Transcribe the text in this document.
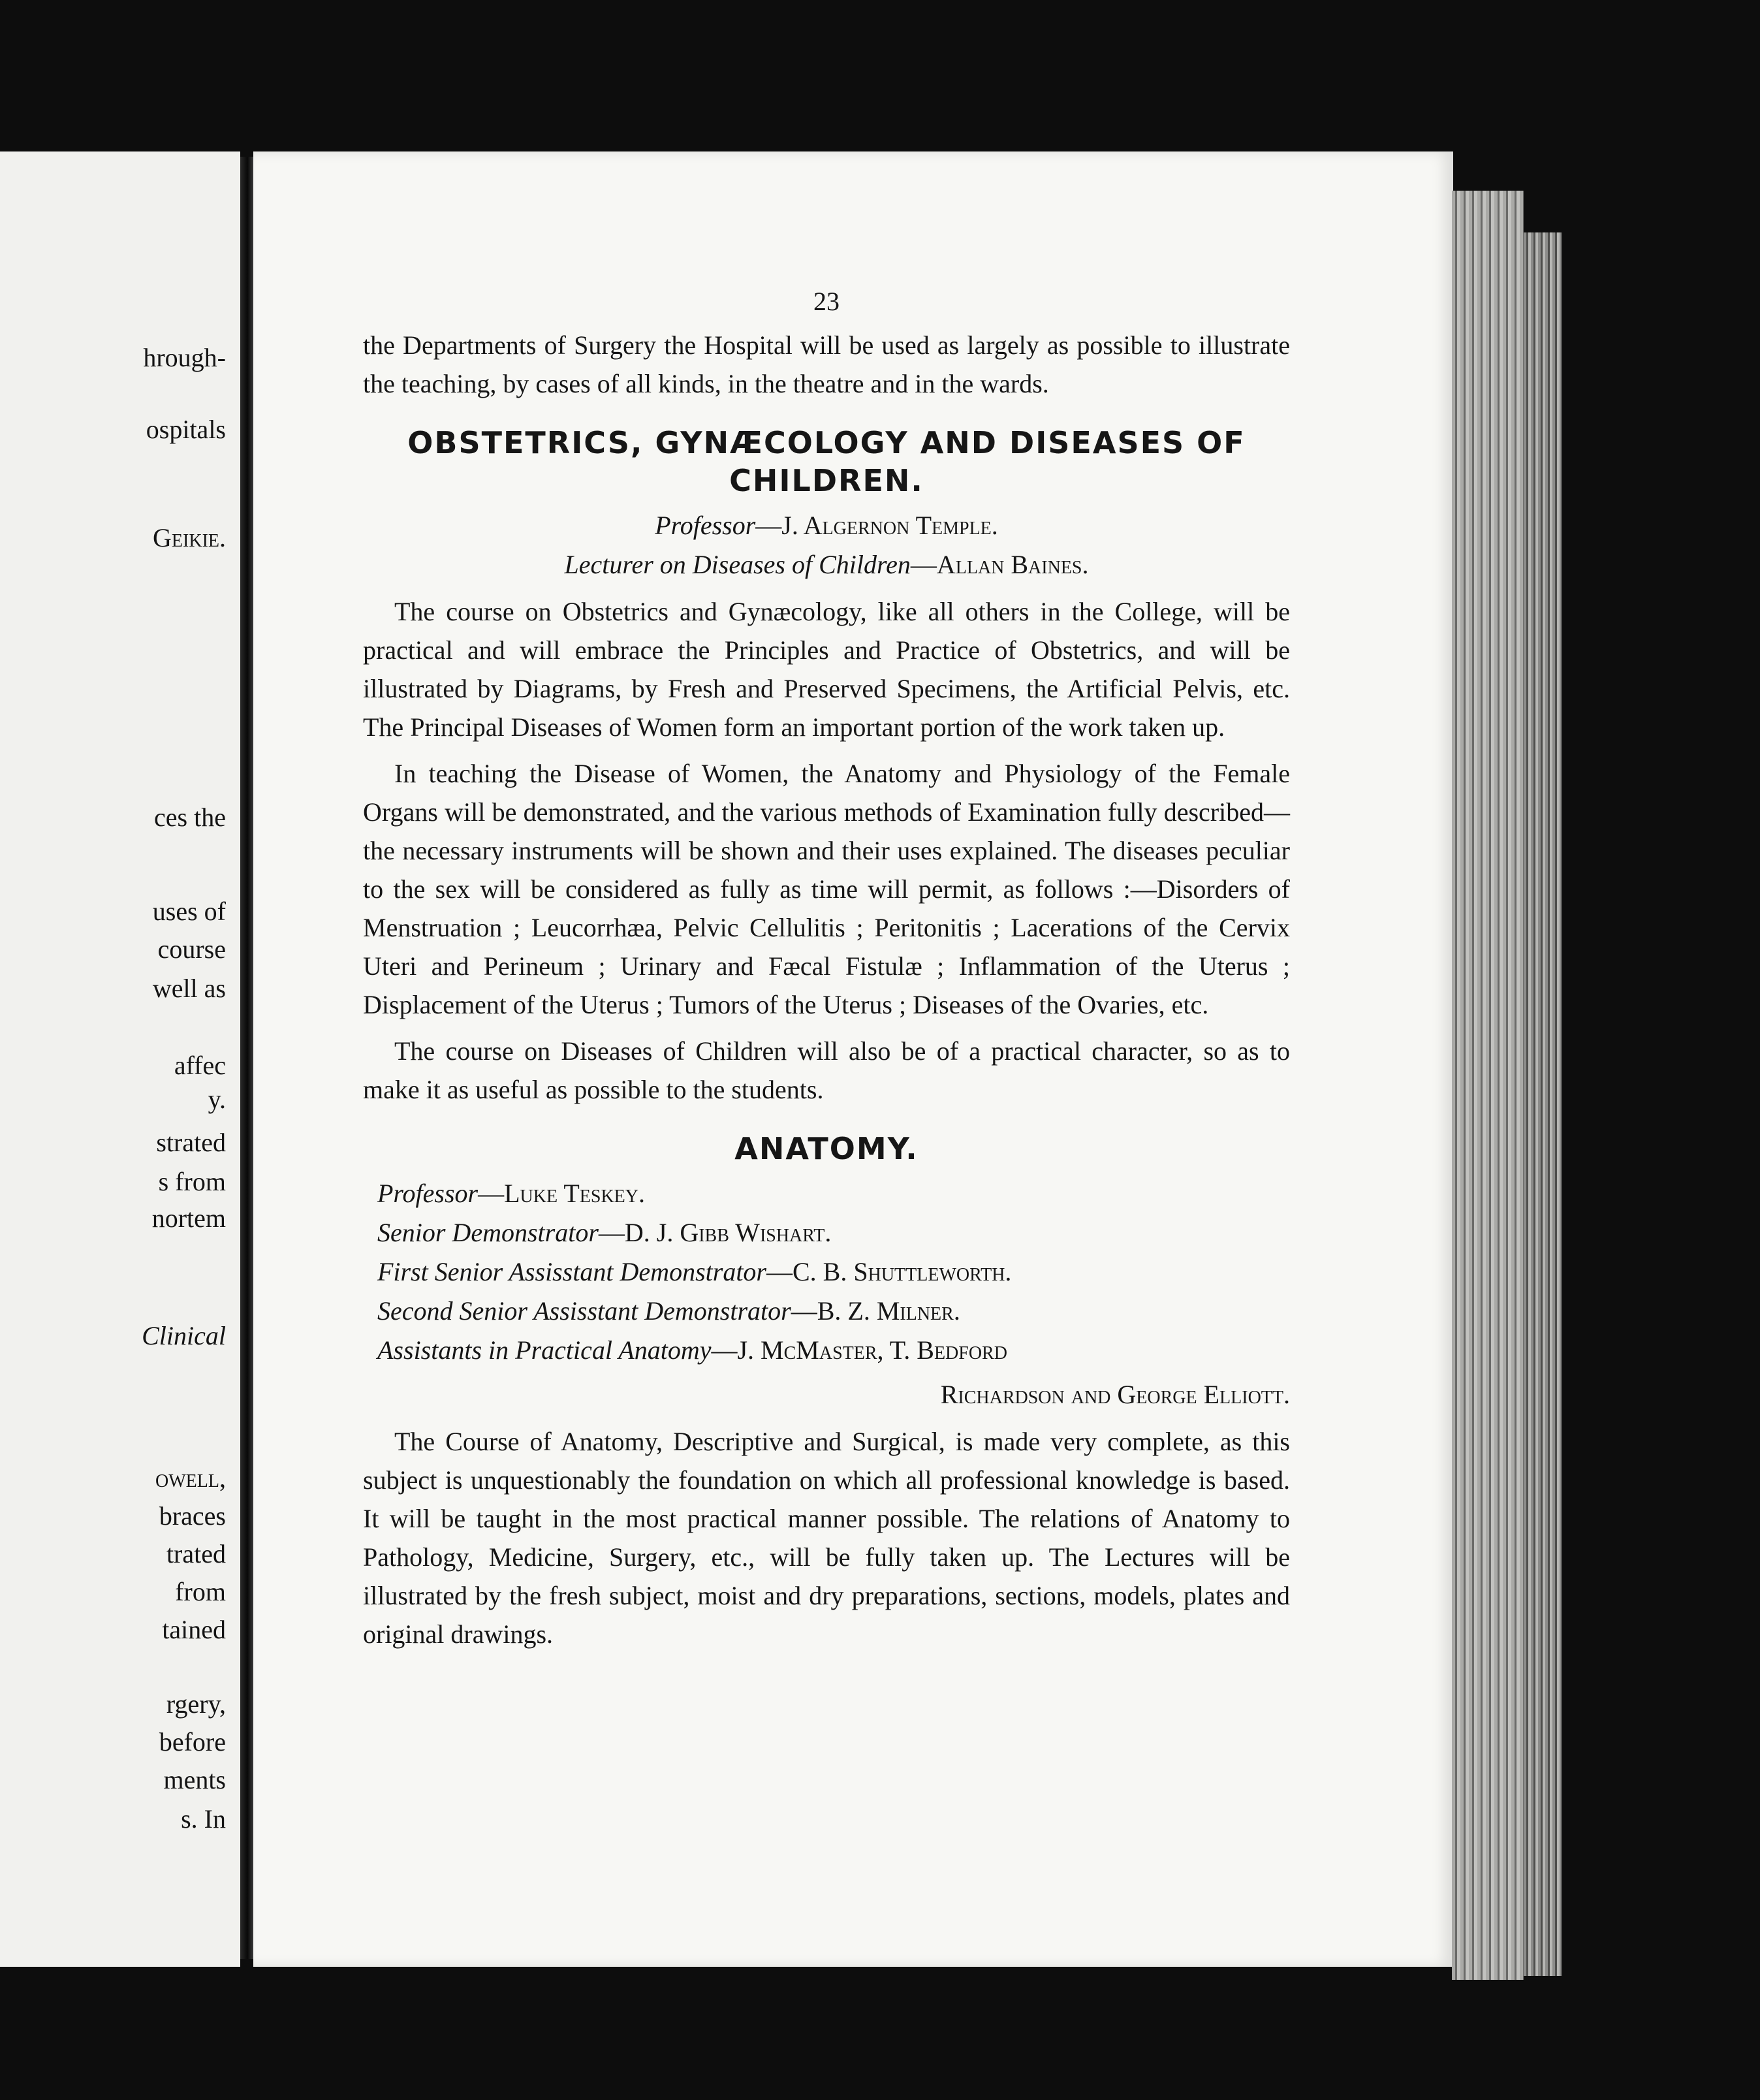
hrough-
ospitals
Geikie.
ces the
uses of
course
well as
affec
y.
strated
s from
nortem
Clinical
owell,
braces
trated
from
tained
rgery,
before
ments
s. In
23

the Departments of Surgery the Hospital will be used as largely as possible to illustrate the teaching, by cases of all kinds, in the theatre and in the wards.

OBSTETRICS, GYNÆCOLOGY AND DISEASES OF CHILDREN.
Professor—J. Algernon Temple.
Lecturer on Diseases of Children—Allan Baines.

The course on Obstetrics and Gynæcology, like all others in the College, will be practical and will embrace the Principles and Practice of Obstetrics, and will be illustrated by Diagrams, by Fresh and Preserved Specimens, the Artificial Pelvis, etc. The Principal Diseases of Women form an important portion of the work taken up.

In teaching the Disease of Women, the Anatomy and Physiology of the Female Organs will be demonstrated, and the various methods of Examination fully described—the necessary instruments will be shown and their uses explained. The diseases peculiar to the sex will be considered as fully as time will permit, as follows :—Disorders of Menstruation ; Leucorrhæa, Pelvic Cellulitis ; Peritonitis ; Lacerations of the Cervix Uteri and Perineum ; Urinary and Fæcal Fistulæ ; Inflammation of the Uterus ; Displacement of the Uterus ; Tumors of the Uterus ; Diseases of the Ovaries, etc.

The course on Diseases of Children will also be of a practical character, so as to make it as useful as possible to the students.

ANATOMY.
Professor—Luke Teskey.
Senior Demonstrator—D. J. Gibb Wishart.
First Senior Assisstant Demonstrator—C. B. Shuttleworth.
Second Senior Assisstant Demonstrator—B. Z. Milner.
Assistants in Practical Anatomy—J. McMaster, T. Bedford
Richardson and George Elliott.

The Course of Anatomy, Descriptive and Surgical, is made very complete, as this subject is unquestionably the foundation on which all professional knowledge is based. It will be taught in the most practical manner possible. The relations of Anatomy to Pathology, Medicine, Surgery, etc., will be fully taken up. The Lectures will be illustrated by the fresh subject, moist and dry preparations, sections, models, plates and original drawings.
